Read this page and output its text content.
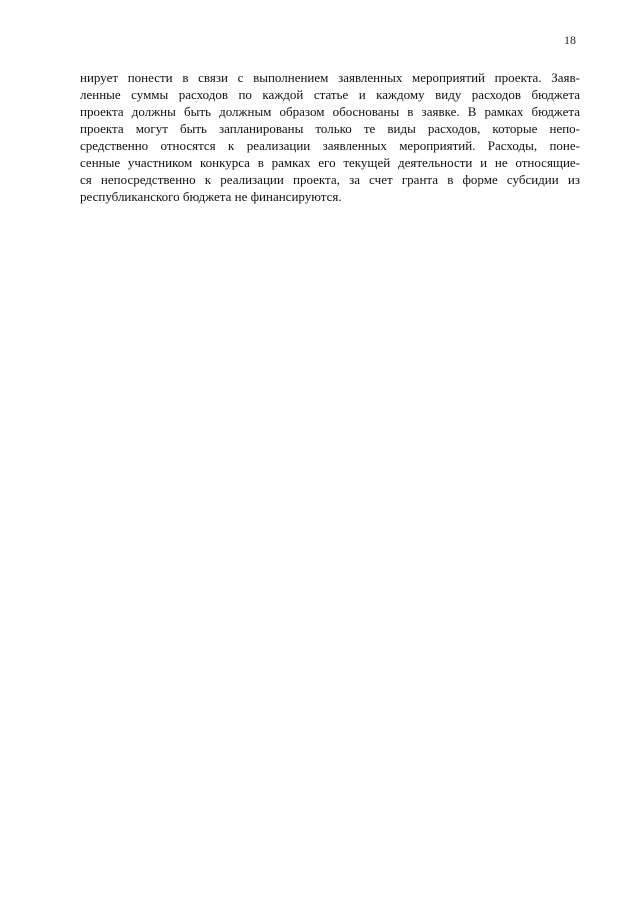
18
нирует понести в связи с выполнением заявленных мероприятий проекта. Заяв-
ленные суммы расходов по каждой статье и каждому виду расходов бюджета
проекта должны быть должным образом обоснованы в заявке. В рамках бюджета
проекта могут быть запланированы только те виды расходов, которые непо-
средственно относятся к реализации заявленных мероприятий. Расходы, поне-
сенные участником конкурса в рамках его текущей деятельности и не относящие-
ся непосредственно к реализации проекта, за счет гранта в форме субсидии из
республиканского бюджета не финансируются.
